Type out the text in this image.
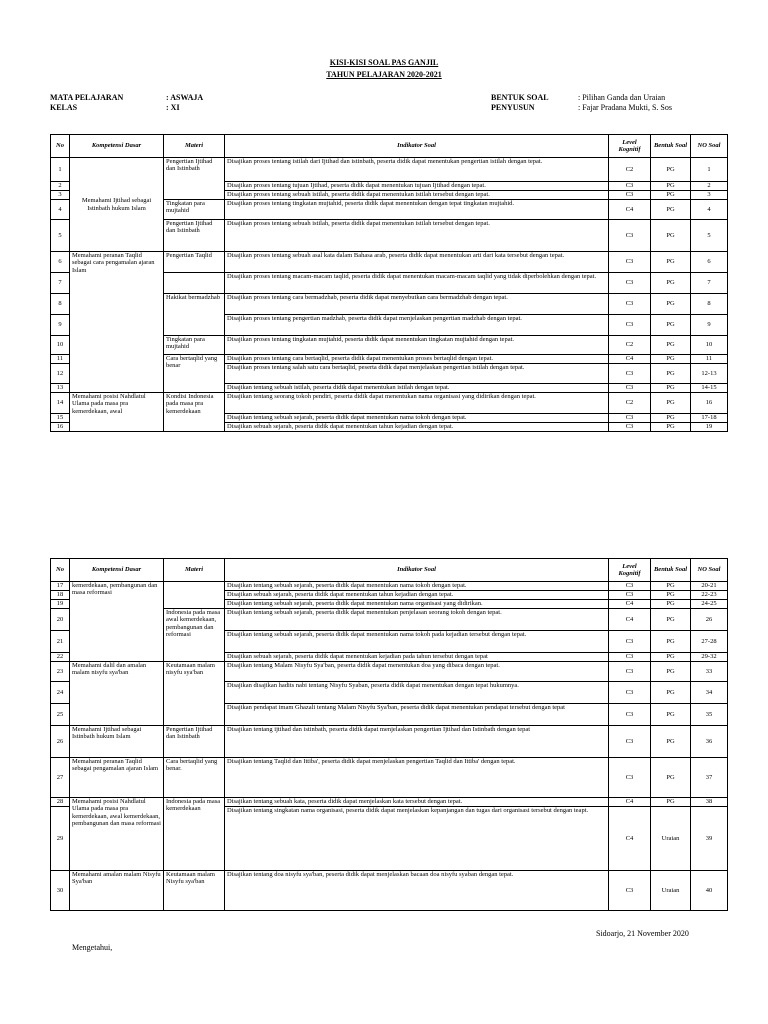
KISI-KISI SOAL PAS GANJIL
TAHUN PELAJARAN 2020-2021
MATA PELAJARAN	: ASWAJA
KELAS	: XI
BENTUK SOAL	: Pilihan Ganda dan Uraian
PENYUSUN	: Fajar Pradana Mukti, S. Sos
No	Kompetensi Dasar	Materi	Indikator Soal	Level Kognitif	Bentuk Soal	NO Soal
1	Memahami Ijtihad sebagai Istinbath hukum Islam	Pengertian Ijtihad dan Istinbath	Disajikan proses tentang istilah dari Ijtihad dan istinbath, peserta didik dapat menentukan pengertian istilah dengan tepat.	C2	PG	1
2			Disajikan proses tentang tujuan Ijtihad, peserta didik dapat menentukan tujuan Ijtihad dengan tepat.	C3	PG	2
3			Disajikan proses tentang sebuah istilah, peserta didik dapat menentukan istilah tersebut dengan tepat.	C3	PG	3
4		Tingkatan para mujtahid	Disajikan proses tentang tingkatan mujtahid, peserta didik dapat menentukan dengan tepat tingkatan mujtahid.	C4	PG	4
5		Pengertian Ijtihad dan Istinbath	Disajikan proses tentang sebuah istilah, peserta didik dapat menentukan istilah tersebut dengan tepat.	C3	PG	5
6	Memahami peranan Taqlid sebagai cara pengamalan ajaran Islam	Pengertian Taqlid	Disajikan proses tentang sebuah asal kata dalam Bahasa arab, peserta didik dapat menentukan arti dari kata tersebut dengan tepat.	C3	PG	6
7			Disajikan proses tentang macam-macam taqlid, peserta didik dapat menentukan macam-macam taqlid yang tidak diperbolehkan dengan tepat.	C3	PG	7
8		Hakikat bermadzhab	Disajikan proses tentang cara bermadzhab, peserta didik dapat menyebutkan cara bermadzhab dengan tepat.	C3	PG	8
9			Disajikan proses tentang pengertian madzhab, peserta didik dapat menjelaskan pengertian madzhab dengan tepat.	C3	PG	9
10		Tingkatan para mujtahid	Disajikan proses tentang tingkatan mujtahid, peserta didik dapat menentukan tingkatan mujtahid dengan tepat.	C2	PG	10
11		Cara bertaqlid yang benar	Disajikan proses tentang cara bertaqlid, peserta didik dapat menentukan proses bertaqlid dengan tepat.	C4	PG	11
12			Disajikan proses tentang salah satu cara bertaqlid, peserta didik dapat menjelaskan pengertian istilah dengan tepat.	C3	PG	12-13
13			Disajikan tentang sebuah istilah, peserta didik dapat menentukan istilah dengan tepat.	C3	PG	14-15
14	Memahami posisi Nahdlatul Ulama pada masa pra kemerdekaan, awal	Kondisi Indonesia pada masa pra kemerdekaan	Disajikan tentang seorang tokoh pendiri, peserta didik dapat menentukan nama organisasi yang didirikan dengan tepat.	C2	PG	16
15			Disajikan tentang sebuah sejarah, peserta didik dapat menentukan nama tokoh dengan tepat.	C3	PG	17-18
16			Disajikan sebuah sejarah, peserta didik dapat menentukan tahun kejadian dengan tepat.	C3	PG	19
No	Kompetensi Dasar	Materi	Indikator Soal	Level Kognitif	Bentuk Soal	NO Soal
17	kemerdekaan, pembangunan dan masa reformasi		Disajikan tentang sebuah sejarah, peserta didik dapat menentukan nama tokoh dengan tepat.	C3	PG	20-21
18			Disajikan sebuah sejarah, peserta didik dapat menentukan tahun kejadian dengan tepat.	C3	PG	22-23
19			Disajikan tentang sebuah sejarah, peserta didik dapat menentukan nama organisasi yang didirikan.	C4	PG	24-25
20		Indonesia pada masa awal kemerdekaan, pembangunan dan reformasi	Disajikan tentang sebuah sejarah, peserta didik dapat menentukan penjelasan seorang tokoh dengan tepat.	C4	PG	26
21			Disajikan tentang sebuah sejarah, peserta didik dapat menentukan nama tokoh pada kejadian tersebut dengan tepat.	C3	PG	27-28
22			Disajikan sebuah sejarah, peserta didik dapat menentukan kejadian pada tahun tersebut dengan tepat	C3	PG	29-32
23	Memahami dalil dan amalan malam nisyfu sya'ban	Keutamaan malam nisyfu sya'ban	Disajikan tentang Malam Nisyfu Sya'ban, peserta didik dapat menentukan doa yang dibaca dengan tepat.	C3	PG	33
24			Disajikan disajikan hadits nabi tentang Nisyfu Syaban, peserta didik dapat menentukan dengan tepat hukumnya.	C3	PG	34
25			Disajikan pendapat imam Ghazali tentang Malam Nisyfu Sya'ban, peserta didik dapat menentukan pendapat tersebut dengan tepat	C3	PG	35
26	Memahami Ijtihad sebagai Istinbath hukum Islam	Pengertian Ijtihad dan Istinbath	Disajikan tentang ijtihad dan istinbath, peserta didik dapat menjelaskan pengertian Ijtihad dan Istinbath dengan tepat	C3	PG	36
27	Memahami peranan Taqlid sebagai pengamalan ajaran Islam	Cara bertaqlid yang benar.	Disajikan tentang Taqlid dan Ittiba', peserta didik dapat menjelaskan pengertian Taqlid dan Ittiba' dengan tepat.	C3	PG	37
28	Memahami posisi Nahdlatul Ulama pada masa pra kemerdekaan, awal kemerdekaan, pembangunan dan masa reformasi	Indonesia pada masa kemerdekaan	Disajikan tentang sebuah kata, peserta didik dapat menjelaskan kata tersebut dengan tepat.	C4	PG	38
29			Disajikan tentang singkatan nama organisasi, peserta didik dapat menjelaskan kepanjangan dan tugas dari organisasi tersebut dengan teapt.	C4	Uraian	39
30	Memahami amalan malam Nisyfu Sya'ban	Keutamaan malam Nisyfu sya'ban	Disajikan tentang doa nisyfu sya'ban, peserta didik dapat menjelaskan bacaan doa nisyfu syaban dengan tepat.	C3	Uraian	40
Sidoarjo, 21 November 2020
Mengetahui,
